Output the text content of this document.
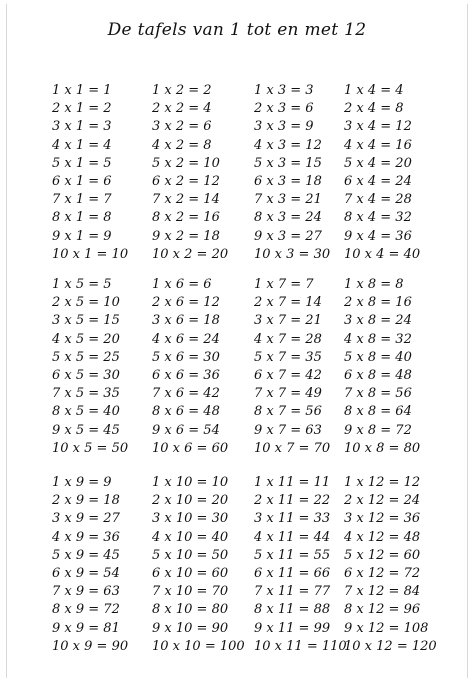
De tafels van 1 tot en met 12
1 x 1 = 1
2 x 1 = 2
3 x 1 = 3
4 x 1 = 4
5 x 1 = 5
6 x 1 = 6
7 x 1 = 7
8 x 1 = 8
9 x 1 = 9
10 x 1 = 10
1 x 2 = 2
2 x 2 = 4
3 x 2 = 6
4 x 2 = 8
5 x 2 = 10
6 x 2 = 12
7 x 2 = 14
8 x 2 = 16
9 x 2 = 18
10 x 2 = 20
1 x 3 = 3
2 x 3 = 6
3 x 3 = 9
4 x 3 = 12
5 x 3 = 15
6 x 3 = 18
7 x 3 = 21
8 x 3 = 24
9 x 3 = 27
10 x 3 = 30
1 x 4 = 4
2 x 4 = 8
3 x 4 = 12
4 x 4 = 16
5 x 4 = 20
6 x 4 = 24
7 x 4 = 28
8 x 4 = 32
9 x 4 = 36
10 x 4 = 40
1 x 5 = 5
2 x 5 = 10
3 x 5 = 15
4 x 5 = 20
5 x 5 = 25
6 x 5 = 30
7 x 5 = 35
8 x 5 = 40
9 x 5 = 45
10 x 5 = 50
1 x 6 = 6
2 x 6 = 12
3 x 6 = 18
4 x 6 = 24
5 x 6 = 30
6 x 6 = 36
7 x 6 = 42
8 x 6 = 48
9 x 6 = 54
10 x 6 = 60
1 x 7 = 7
2 x 7 = 14
3 x 7 = 21
4 x 7 = 28
5 x 7 = 35
6 x 7 = 42
7 x 7 = 49
8 x 7 = 56
9 x 7 = 63
10 x 7 = 70
1 x 8 = 8
2 x 8 = 16
3 x 8 = 24
4 x 8 = 32
5 x 8 = 40
6 x 8 = 48
7 x 8 = 56
8 x 8 = 64
9 x 8 = 72
10 x 8 = 80
1 x 9 = 9
2 x 9 = 18
3 x 9 = 27
4 x 9 = 36
5 x 9 = 45
6 x 9 = 54
7 x 9 = 63
8 x 9 = 72
9 x 9 = 81
10 x 9 = 90
1 x 10 = 10
2 x 10 = 20
3 x 10 = 30
4 x 10 = 40
5 x 10 = 50
6 x 10 = 60
7 x 10 = 70
8 x 10 = 80
9 x 10 = 90
10 x 10 = 100
1 x 11 = 11
2 x 11 = 22
3 x 11 = 33
4 x 11 = 44
5 x 11 = 55
6 x 11 = 66
7 x 11 = 77
8 x 11 = 88
9 x 11 = 99
10 x 11 = 110
1 x 12 = 12
2 x 12 = 24
3 x 12 = 36
4 x 12 = 48
5 x 12 = 60
6 x 12 = 72
7 x 12 = 84
8 x 12 = 96
9 x 12 = 108
10 x 12 = 120
